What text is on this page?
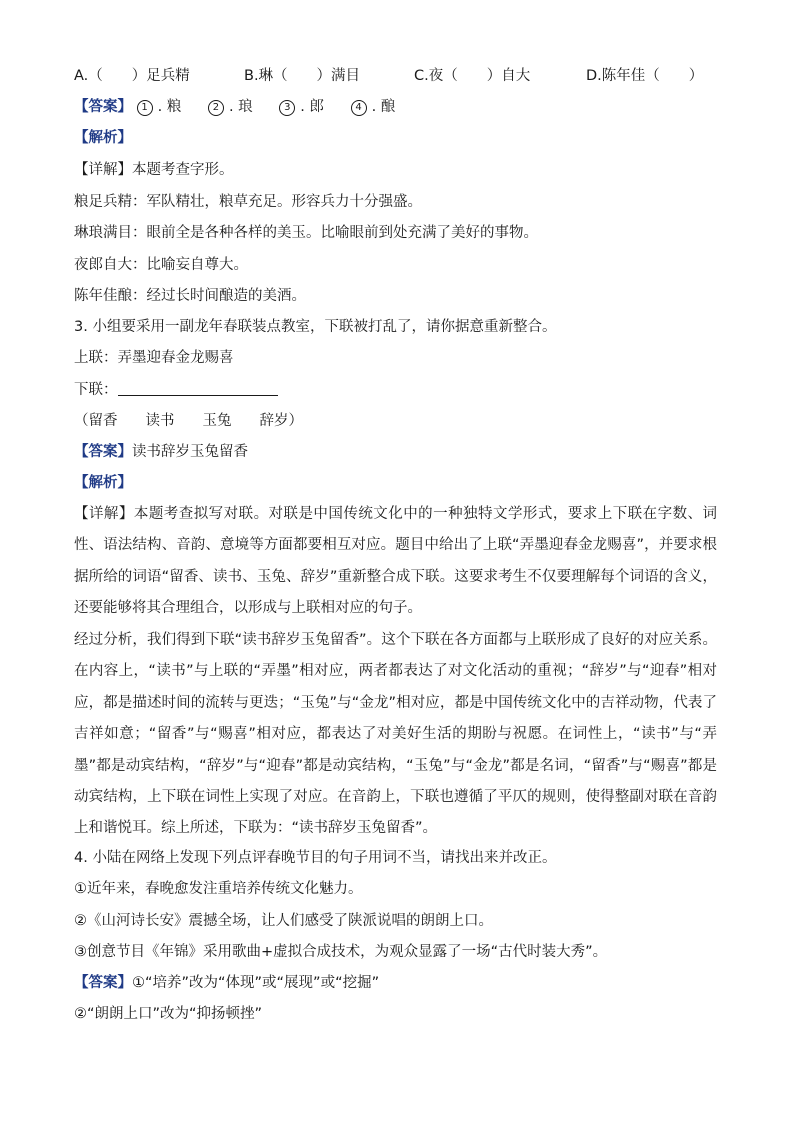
A.（　　）足兵精	B.琳（　　）满目	C.夜（　　）自大	D.陈年佳（　　）
【答案】 1 . 粮	2 . 琅	3 . 郎	4 . 酿
【解析】
【详解】本题考查字形。
粮足兵精：军队精壮，粮草充足。形容兵力十分强盛。
琳琅满目：眼前全是各种各样的美玉。比喻眼前到处充满了美好的事物。
夜郎自大：比喻妄自尊大。
陈年佳酿：经过长时间酿造的美酒。
3. 小组要采用一副龙年春联装点教室，下联被打乱了，请你据意重新整合。
上联：弄墨迎春金龙赐喜
下联：
（留香 读书 玉兔 辞岁）
【答案】读书辞岁玉兔留香
【解析】
【详解】本题考查拟写对联。对联是中国传统文化中的一种独特文学形式，要求上下联在字数、词性、语法结构、音韵、意境等方面都要相互对应。题目中给出了上联“弄墨迎春金龙赐喜”，并要求根据所给的词语“留香、读书、玉兔、辞岁”重新整合成下联。这要求考生不仅要理解每个词语的含义，还要能够将其合理组合，以形成与上联相对应的句子。
经过分析，我们得到下联“读书辞岁玉兔留香”。这个下联在各方面都与上联形成了良好的对应关系。在内容上，“读书”与上联的“弄墨”相对应，两者都表达了对文化活动的重视；“辞岁”与“迎春”相对应，都是描述时间的流转与更迭；“玉兔”与“金龙”相对应，都是中国传统文化中的吉祥动物，代表了吉祥如意；“留香”与“赐喜”相对应，都表达了对美好生活的期盼与祝愿。在词性上，“读书”与“弄墨”都是动宾结构，“辞岁”与“迎春”都是动宾结构，“玉兔”与“金龙”都是名词，“留香”与“赐喜”都是动宾结构，上下联在词性上实现了对应。在音韵上，下联也遵循了平仄的规则，使得整副对联在音韵上和谐悦耳。综上所述，下联为：“读书辞岁玉兔留香”。
4. 小陆在网络上发现下列点评春晚节目的句子用词不当，请找出来并改正。
①近年来，春晚愈发注重培养传统文化魅力。
②《山河诗长安》震撼全场，让人们感受了陕派说唱的朗朗上口。
③创意节目《年锦》采用歌曲+虚拟合成技术，为观众显露了一场“古代时装大秀”。
【答案】①“培养”改为“体现”或“展现”或“挖掘”
②“朗朗上口”改为“抑扬顿挫”
